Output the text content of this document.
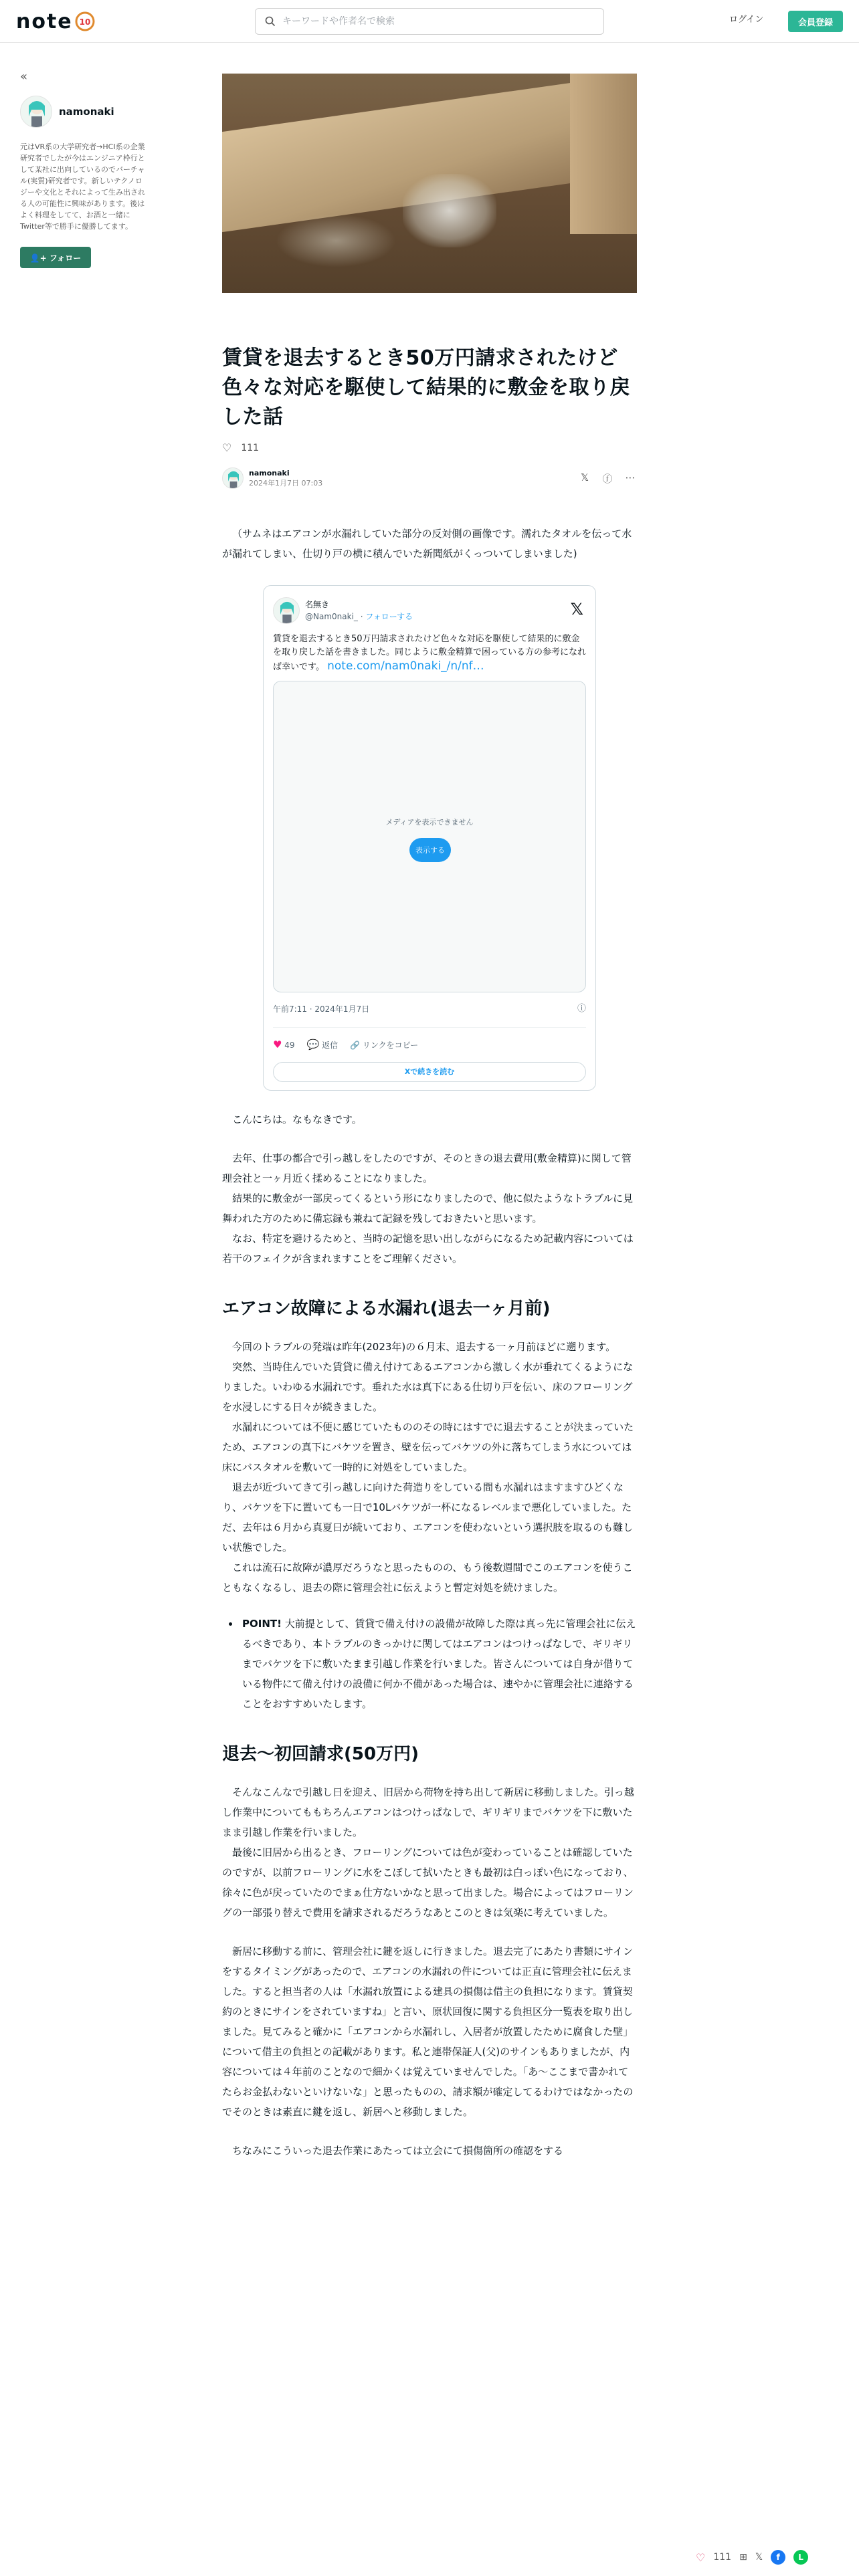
note 10
キーワードや作者名で検索	ログイン	会員登録
«
namonaki
元はVR系の大学研究者→HCI系の企業研究者でしたが今はエンジニア枠行として某社に出向しているのでバーチャル(実質)研究者です。新しいテクノロジーや文化とそれによって生み出される人の可能性に興味があります。後はよく料理をしてて、お酒と一緒にTwitter等で勝手に優勝してます。
👤+ フォロー
賃貸を退去するとき50万円請求されたけど色々な対応を駆使して結果的に敷金を取り戻した話
♡ 111
namonaki
2024年1月7日 07:03	𝕏 ⓕ ⋯

（サムネはエアコンが水漏れしていた部分の反対側の画像です。濡れたタオルを伝って水が漏れてしまい、仕切り戸の横に積んでいた新聞紙がくっついてしまいました)

名無き
@Nam0naki_ · フォローする	𝕏
賃貸を退去するとき50万円請求されたけど色々な対応を駆使して結果的に敷金を取り戻した話を書きました。同じように敷金精算で困っている方の参考になれば幸いです。 note.com/nam0naki_/n/nf…
メディアを表示できません
表示する
午前7:11 · 2024年1月7日	ⓘ
♥ 49 💬 返信 🔗 リンクをコピー
Xで続きを読む

こんにちは。なもなきです。

去年、仕事の都合で引っ越しをしたのですが、そのときの退去費用(敷金精算)に関して管理会社と一ヶ月近く揉めることになりました。

結果的に敷金が一部戻ってくるという形になりましたので、他に似たようなトラブルに見舞われた方のために備忘録も兼ねて記録を残しておきたいと思います。

なお、特定を避けるためと、当時の記憶を思い出しながらになるため記載内容については若干のフェイクが含まれますことをご理解ください。

エアコン故障による水漏れ(退去一ヶ月前)

今回のトラブルの発端は昨年(2023年)の６月末、退去する一ヶ月前ほどに遡ります。

突然、当時住んでいた賃貸に備え付けてあるエアコンから激しく水が垂れてくるようになりました。いわゆる水漏れです。垂れた水は真下にある仕切り戸を伝い、床のフローリングを水浸しにする日々が続きました。

水漏れについては不便に感じていたもののその時にはすでに退去することが決まっていたため、エアコンの真下にバケツを置き、壁を伝ってバケツの外に落ちてしまう水については床にバスタオルを敷いて一時的に対処をしていました。

退去が近づいてきて引っ越しに向けた荷造りをしている間も水漏れはますますひどくなり、バケツを下に置いても一日で10Lバケツが一杯になるレベルまで悪化していました。ただ、去年は６月から真夏日が続いており、エアコンを使わないという選択肢を取るのも難しい状態でした。

これは流石に故障が濃厚だろうなと思ったものの、もう後数週間でこのエアコンを使うこともなくなるし、退去の際に管理会社に伝えようと暫定対処を続けました。

• POINT! 大前提として、賃貸で備え付けの設備が故障した際は真っ先に管理会社に伝えるべきであり、本トラブルのきっかけに関してはエアコンはつけっぱなしで、ギリギリまでバケツを下に敷いたまま引越し作業を行いました。皆さんについては自身が借りている物件にて備え付けの設備に何か不備があった場合は、速やかに管理会社に連絡することをおすすめいたします。
退去〜初回請求(50万円)

そんなこんなで引越し日を迎え、旧居から荷物を持ち出して新居に移動しました。引っ越し作業中についてももちろんエアコンはつけっぱなしで、ギリギリまでバケツを下に敷いたまま引越し作業を行いました。

最後に旧居から出るとき、フローリングについては色が変わっていることは確認していたのですが、以前フローリングに水をこぼして拭いたときも最初は白っぽい色になっており、徐々に色が戻っていたのでまぁ仕方ないかなと思って出ました。場合によってはフローリングの一部張り替えで費用を請求されるだろうなあとこのときは気楽に考えていました。

新居に移動する前に、管理会社に鍵を返しに行きました。退去完了にあたり書類にサインをするタイミングがあったので、エアコンの水漏れの件については正直に管理会社に伝えました。すると担当者の人は「水漏れ放置による建具の損傷は借主の負担になります。賃貸契約のときにサインをされていますね」と言い、原状回復に関する負担区分一覧表を取り出しました。見てみると確かに「エアコンから水漏れし、入居者が放置したために腐食した壁」について借主の負担との記載があります。私と連帯保証人(父)のサインもありましたが、内容については４年前のことなので細かくは覚えていませんでした。「あ〜ここまで書かれてたらお金払わないといけないな」と思ったものの、請求額が確定してるわけではなかったのでそのときは素直に鍵を返し、新居へと移動しました。

ちなみにこういった退去作業にあたっては立会にて損傷箇所の確認をする

♡ 111 ⊞ 𝕏	f	L
